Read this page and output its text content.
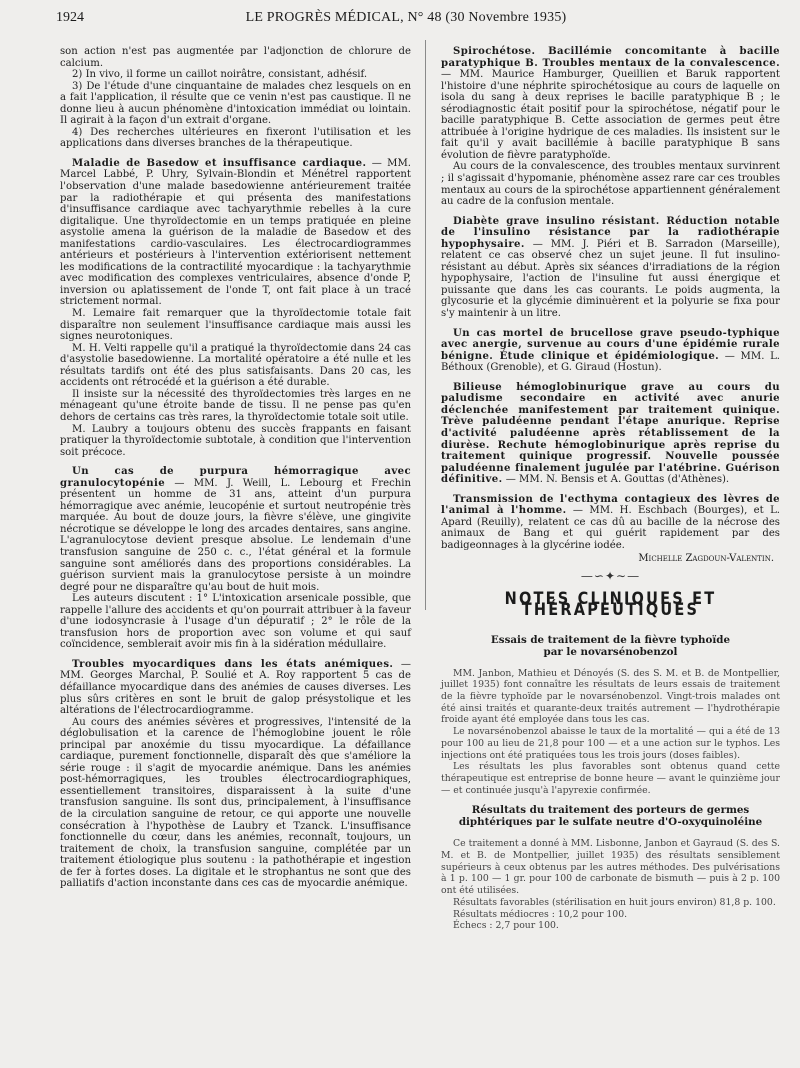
1924	LE PROGRÈS MÉDICAL, N° 48 (30 Novembre 1935)

son action n'est pas augmentée par l'adjonction de chlorure de calcium.

2) In vivo, il forme un caillot noirâtre, consistant, adhésif.

3) De l'étude d'une cinquantaine de malades chez lesquels on en a fait l'application, il résulte que ce venin n'est pas caustique. Il ne donne lieu à aucun phénomène d'intoxication immédiat ou lointain. Il agirait à la façon d'un extrait d'organe.

4) Des recherches ultérieures en fixeront l'utilisation et les applications dans diverses branches de la thérapeutique.

Maladie de Basedow et insuffisance cardiaque. — MM. Marcel Labbé, P. Uhry, Sylvain-Blondin et Ménétrel rapportent l'observation d'une malade basedowienne antérieurement traitée par la radiothérapie et qui présenta des manifestations d'insuffisance cardiaque avec tachyarythmie rebelles à la cure digitalique. Une thyroïdectomie en un temps pratiquée en pleine asystolie amena la guérison de la maladie de Basedow et des manifestations cardio-vasculaires. Les électrocardiogrammes antérieurs et postérieurs à l'intervention extériorisent nettement les modifications de la contractilité myocardique : la tachyarythmie avec modification des complexes ventriculaires, absence d'onde P, inversion ou aplatissement de l'onde T, ont fait place à un tracé strictement normal.

M. Lemaire fait remarquer que la thyroïdectomie totale fait disparaître non seulement l'insuffisance cardiaque mais aussi les signes neurotoniques.

M. H. Velti rappelle qu'il a pratiqué la thyroïdectomie dans 24 cas d'asystolie basedowienne. La mortalité opératoire a été nulle et les résultats tardifs ont été des plus satisfaisants. Dans 20 cas, les accidents ont rétrocédé et la guérison a été durable.

Il insiste sur la nécessité des thyroïdectomies très larges en ne ménageant qu'une étroite bande de tissu. Il ne pense pas qu'en dehors de certains cas très rares, la thyroïdectomie totale soit utile.

M. Laubry a toujours obtenu des succès frappants en faisant pratiquer la thyroïdectomie subtotale, à condition que l'intervention soit précoce.

Un cas de purpura hémorragique avec granulocytopénie — MM. J. Weill, L. Lebourg et Frechin présentent un homme de 31 ans, atteint d'un purpura hémorragique avec anémie, leucopénie et surtout neutropénie très marquée. Au bout de douze jours, la fièvre s'élève, une gingivite nécrotique se développe le long des arcades dentaires, sans angine. L'agranulocytose devient presque absolue. Le lendemain d'une transfusion sanguine de 250 c. c., l'état général et la formule sanguine sont améliorés dans des proportions considérables. La guérison survient mais la granulocytose persiste à un moindre degré pour ne disparaître qu'au bout de huit mois.

Les auteurs discutent : 1° L'intoxication arsenicale possible, que rappelle l'allure des accidents et qu'on pourrait attribuer à la faveur d'une iodosyncrasie à l'usage d'un dépuratif ; 2° le rôle de la transfusion hors de proportion avec son volume et qui sauf coïncidence, semblerait avoir mis fin à la sidération médullaire.

Troubles myocardiques dans les états anémiques. — MM. Georges Marchal, P. Soulié et A. Roy rapportent 5 cas de défaillance myocardique dans des anémies de causes diverses. Les plus sûrs critères en sont le bruit de galop présystolique et les altérations de l'électrocardiogramme.

Au cours des anémies sévères et progressives, l'intensité de la déglobulisation et la carence de l'hémoglobine jouent le rôle principal par anoxémie du tissu myocardique. La défaillance cardiaque, purement fonctionnelle, disparaît dès que s'améliore la série rouge : il s'agit de myocardie anémique. Dans les anémies post-hémorragiques, les troubles électrocardiographiques, essentiellement transitoires, disparaissent à la suite d'une transfusion sanguine. Ils sont dus, principalement, à l'insuffisance de la circulation sanguine de retour, ce qui apporte une nouvelle consécration à l'hypothèse de Laubry et Tzanck. L'insuffisance fonctionnelle du cœur, dans les anémies, reconnaît, toujours, un traitement de choix, la transfusion sanguine, complétée par un traitement étiologique plus soutenu : la pathothérapie et ingestion de fer à fortes doses. La digitale et le strophantus ne sont que des palliatifs d'action inconstante dans ces cas de myocardie anémique.

Spirochétose. Bacillémie concomitante à bacille paratyphique B. Troubles mentaux de la convalescence. — MM. Maurice Hamburger, Queillien et Baruk rapportent l'histoire d'une néphrite spirochétosique au cours de laquelle on isola du sang à deux reprises le bacille paratyphique B ; le sérodiagnostic était positif pour la spirochétose, négatif pour le bacille paratyphique B. Cette association de germes peut être attribuée à l'origine hydrique de ces maladies. Ils insistent sur le fait qu'il y avait bacillémie à bacille paratyphique B sans évolution de fièvre paratyphoïde.

Au cours de la convalescence, des troubles mentaux survinrent ; il s'agissait d'hypomanie, phénomène assez rare car ces troubles mentaux au cours de la spirochétose appartiennent généralement au cadre de la confusion mentale.

Diabète grave insulino résistant. Réduction notable de l'insulino résistance par la radiothérapie hypophysaire. — MM. J. Piéri et B. Sarradon (Marseille), relatent ce cas observé chez un sujet jeune. Il fut insulino-résistant au début. Après six séances d'irradiations de la région hypophysaire, l'action de l'insuline fut aussi énergique et puissante que dans les cas courants. Le poids augmenta, la glycosurie et la glycémie diminuèrent et la polyurie se fixa pour s'y maintenir à un litre.

Un cas mortel de brucellose grave pseudo-typhique avec anergie, survenue au cours d'une épidémie rurale bénigne. Étude clinique et épidémiologique. — MM. L. Béthoux (Grenoble), et G. Giraud (Hostun).

Bilieuse hémoglobinurique grave au cours du paludisme secondaire en activité avec anurie déclenchée manifestement par traitement quinique. Trève paludéenne pendant l'étape anurique. Reprise d'activité paludéenne après rétablissement de la diurèse. Rechute hémoglobinurique après reprise du traitement quinique progressif. Nouvelle poussée paludéenne finalement jugulée par l'atébrine. Guérison définitive. — MM. N. Bensis et A. Gouttas (d'Athènes).

Transmission de l'ecthyma contagieux des lèvres de l'animal à l'homme. — MM. H. Eschbach (Bourges), et L. Apard (Reuilly), relatent ce cas dû au bacille de la nécrose des animaux de Bang et qui guérit rapidement par des badigeonnages à la glycérine iodée.

Michelle Zagdoun-Valentin.
—∽✦∼—
NOTES CLINIQUES ET THÉRAPEUTIQUES
Essais de traitement de la fièvre typhoïde
par le novarsénobenzol

MM. Janbon, Mathieu et Dénoyés (S. des S. M. et B. de Montpellier, juillet 1935) font connaître les résultats de leurs essais de traitement de la fièvre typhoïde par le novarsénobenzol. Vingt-trois malades ont été ainsi traités et quarante-deux traités autrement — l'hydrothérapie froide ayant été employée dans tous les cas.

Le novarsénobenzol abaisse le taux de la mortalité — qui a été de 13 pour 100 au lieu de 21,8 pour 100 — et a une action sur le typhos. Les injections ont été pratiquées tous les trois jours (doses faibles).

Les résultats les plus favorables sont obtenus quand cette thérapeutique est entreprise de bonne heure — avant le quinzième jour — et continuée jusqu'à l'apyrexie confirmée.

Résultats du traitement des porteurs de germes
diphtériques par le sulfate neutre d'O-oxyquinoléine

Ce traitement a donné à MM. Lisbonne, Janbon et Gayraud (S. des S. M. et B. de Montpellier, juillet 1935) des résultats sensiblement supérieurs à ceux obtenus par les autres méthodes. Des pulvérisations à 1 p. 100 — 1 gr. pour 100 de carbonate de bismuth — puis à 2 p. 100 ont été utilisées.

Résultats favorables (stérilisation en huit jours environ) 81,8 p. 100.

Résultats médiocres : 10,2 pour 100.

Échecs : 2,7 pour 100.
